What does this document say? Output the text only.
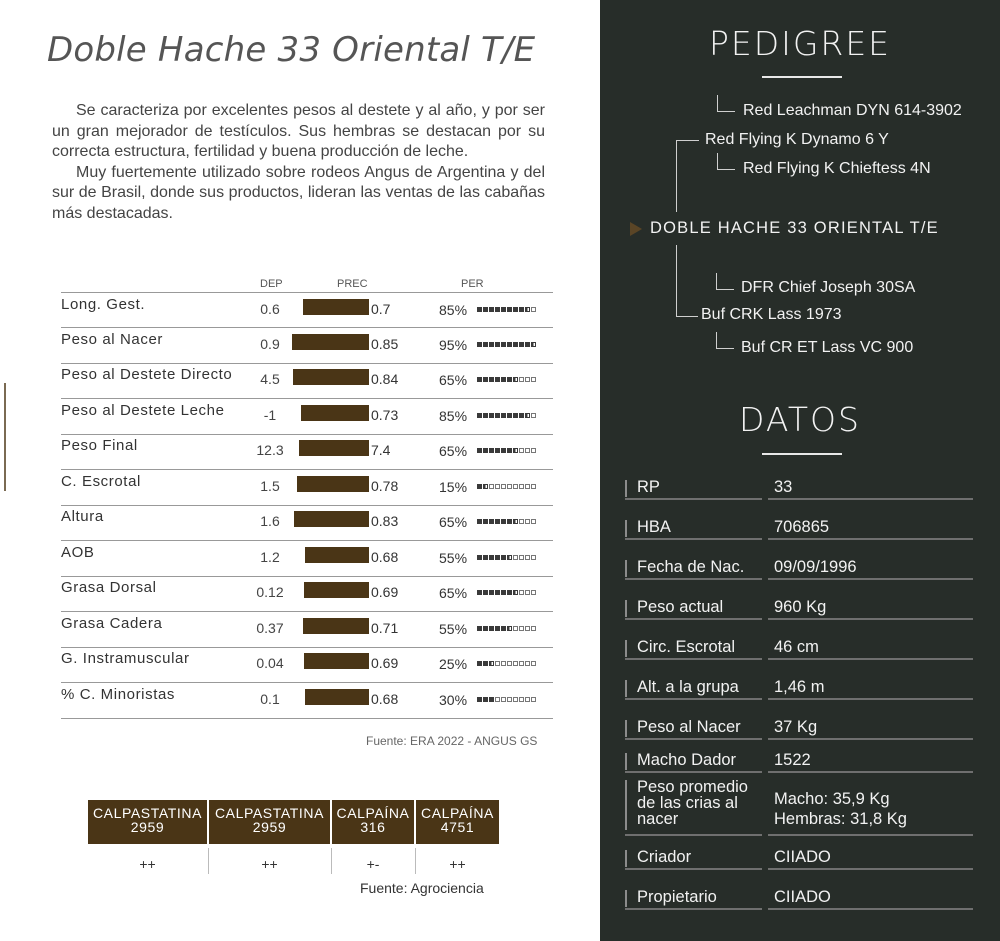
Doble Hache 33 Oriental T/E

Se caracteriza por excelentes pesos al destete y al año, y por ser un gran mejorador de testículos. Sus hembras se destacan por su correcta estructura, fertilidad y buena producción de leche.

Muy fuertemente utilizado sobre rodeos Angus de Argentina y del sur de Brasil, donde sus productos, lideran las ventas de las cabañas más destacadas.

DEP	PREC	PER
Long. Gest.	0.6	0.7	85%
Peso al Nacer	0.9	0.85	95%
Peso al Destete Directo	4.5	0.84	65%
Peso al Destete Leche	-1	0.73	85%
Peso Final	12.3	7.4	65%
C. Escrotal	1.5	0.78	15%
Altura	1.6	0.83	65%
AOB	1.2	0.68	55%
Grasa Dorsal	0.12	0.69	65%
Grasa Cadera	0.37	0.71	55%
G. Instramuscular	0.04	0.69	25%
% C. Minoristas	0.1	0.68	30%
Fuente: ERA 2022 - ANGUS GS
CALPASTATINA
2959
++
CALPASTATINA
2959
++
CALPAÍNA
316
+-
CALPAÍNA
4751
++
Fuente: Agrociencia
PEDIGREE
Red Leachman DYN 614-3902
Red Flying K Dynamo 6 Y
Red Flying K Chieftess 4N
DOBLE HACHE 33 ORIENTAL T/E
DFR Chief Joseph 30SA
Buf CRK Lass 1973
Buf CR ET Lass VC 900
DATOS
RP	33
HBA	706865
Fecha de Nac. 09/09/1996
Peso actual	960 Kg
Circ. Escrotal 46 cm
Alt. a la grupa 1,46 m
Peso al Nacer 37 Kg
Macho Dador 1522
Peso promedio de las crias al nacer
Macho: 35,9 Kg Hembras: 31,8 Kg
Criador	CIIADO
Propietario	CIIADO
